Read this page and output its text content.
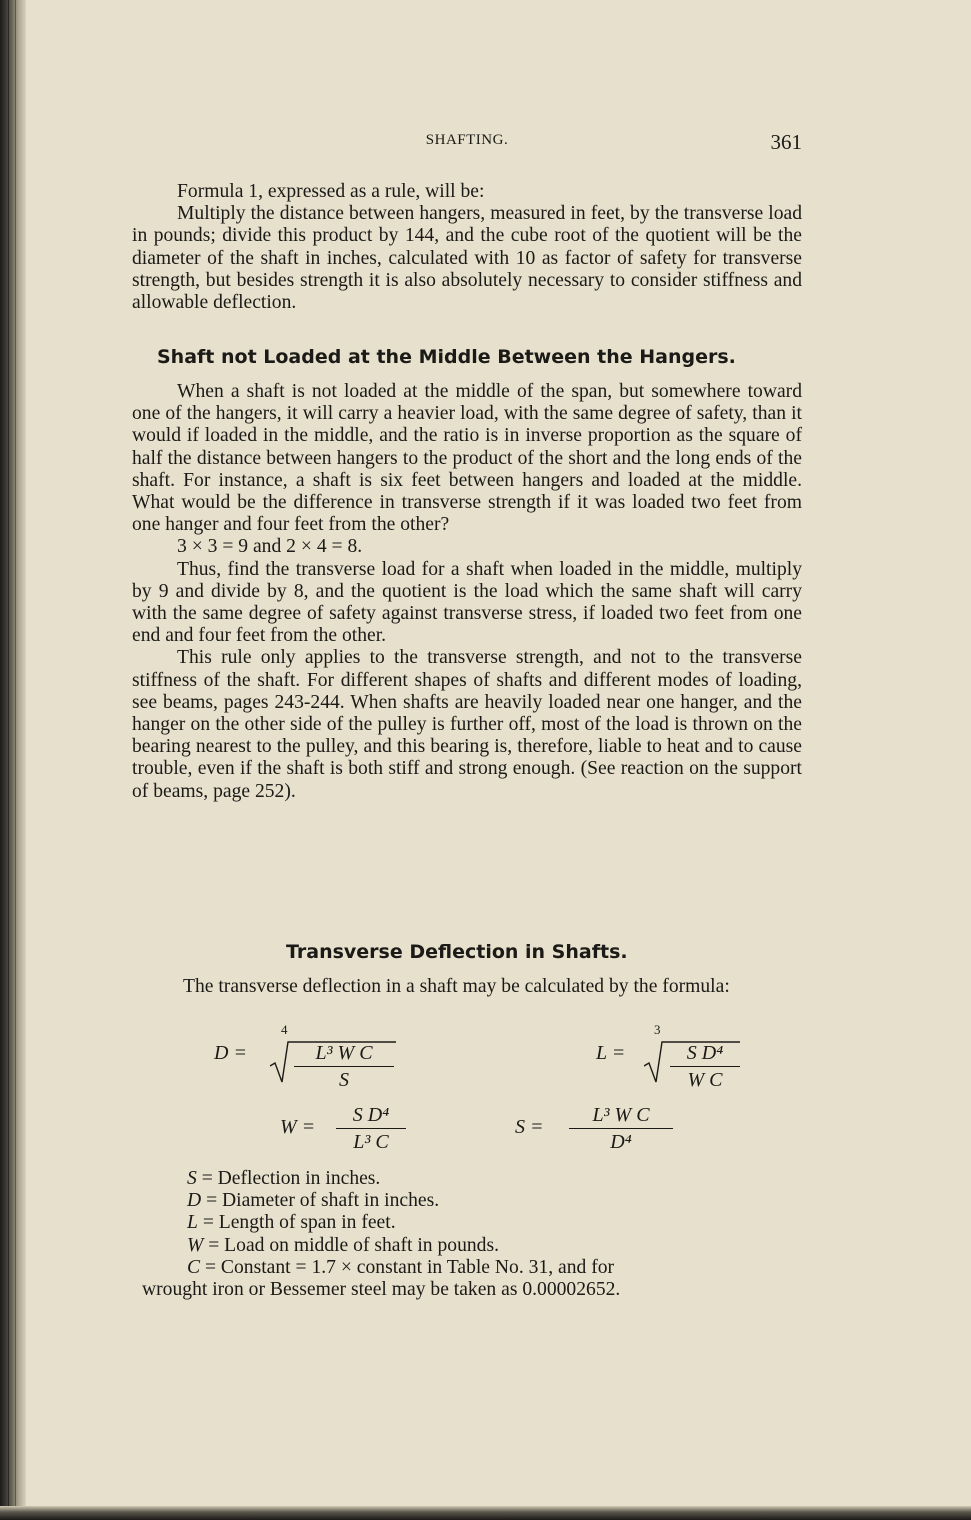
SHAFTING.	361

Formula 1, expressed as a rule, will be:

Multiply the distance between hangers, measured in feet, by the transverse load in pounds; divide this product by 144, and the cube root of the quotient will be the diameter of the shaft in inches, calculated with 10 as factor of safety for transverse strength, but besides strength it is also absolutely necessary to consider stiffness and allowable deflection.

Shaft not Loaded at the Middle Between the Hangers.

When a shaft is not loaded at the middle of the span, but somewhere toward one of the hangers, it will carry a heavier load, with the same degree of safety, than it would if loaded in the middle, and the ratio is in inverse proportion as the square of half the distance between hangers to the product of the short and the long ends of the shaft. For instance, a shaft is six feet between hangers and loaded at the middle. What would be the difference in transverse strength if it was loaded two feet from one hanger and four feet from the other?

3 × 3 = 9 and 2 × 4 = 8.

Thus, find the transverse load for a shaft when loaded in the middle, multiply by 9 and divide by 8, and the quotient is the load which the same shaft will carry with the same degree of safety against transverse stress, if loaded two feet from one end and four feet from the other.

This rule only applies to the transverse strength, and not to the transverse stiffness of the shaft. For different shapes of shafts and different modes of loading, see beams, pages 243-244. When shafts are heavily loaded near one hanger, and the hanger on the other side of the pulley is further off, most of the load is thrown on the bearing nearest to the pulley, and this bearing is, therefore, liable to heat and to cause trouble, even if the shaft is both stiff and strong enough. (See reaction on the support of beams, page 252).

Transverse Deflection in Shafts.

The transverse deflection in a shaft may be calculated by the formula:

D =
4
L³ W C
S
L =
3
S D⁴
W C
W =
S D⁴
L³ C
S =
L³ W C
D⁴

S = Deflection in inches.

D = Diameter of shaft in inches.

L = Length of span in feet.

W = Load on middle of shaft in pounds.

C = Constant = 1.7 × constant in Table No. 31, and for

wrought iron or Bessemer steel may be taken as 0.00002652.
